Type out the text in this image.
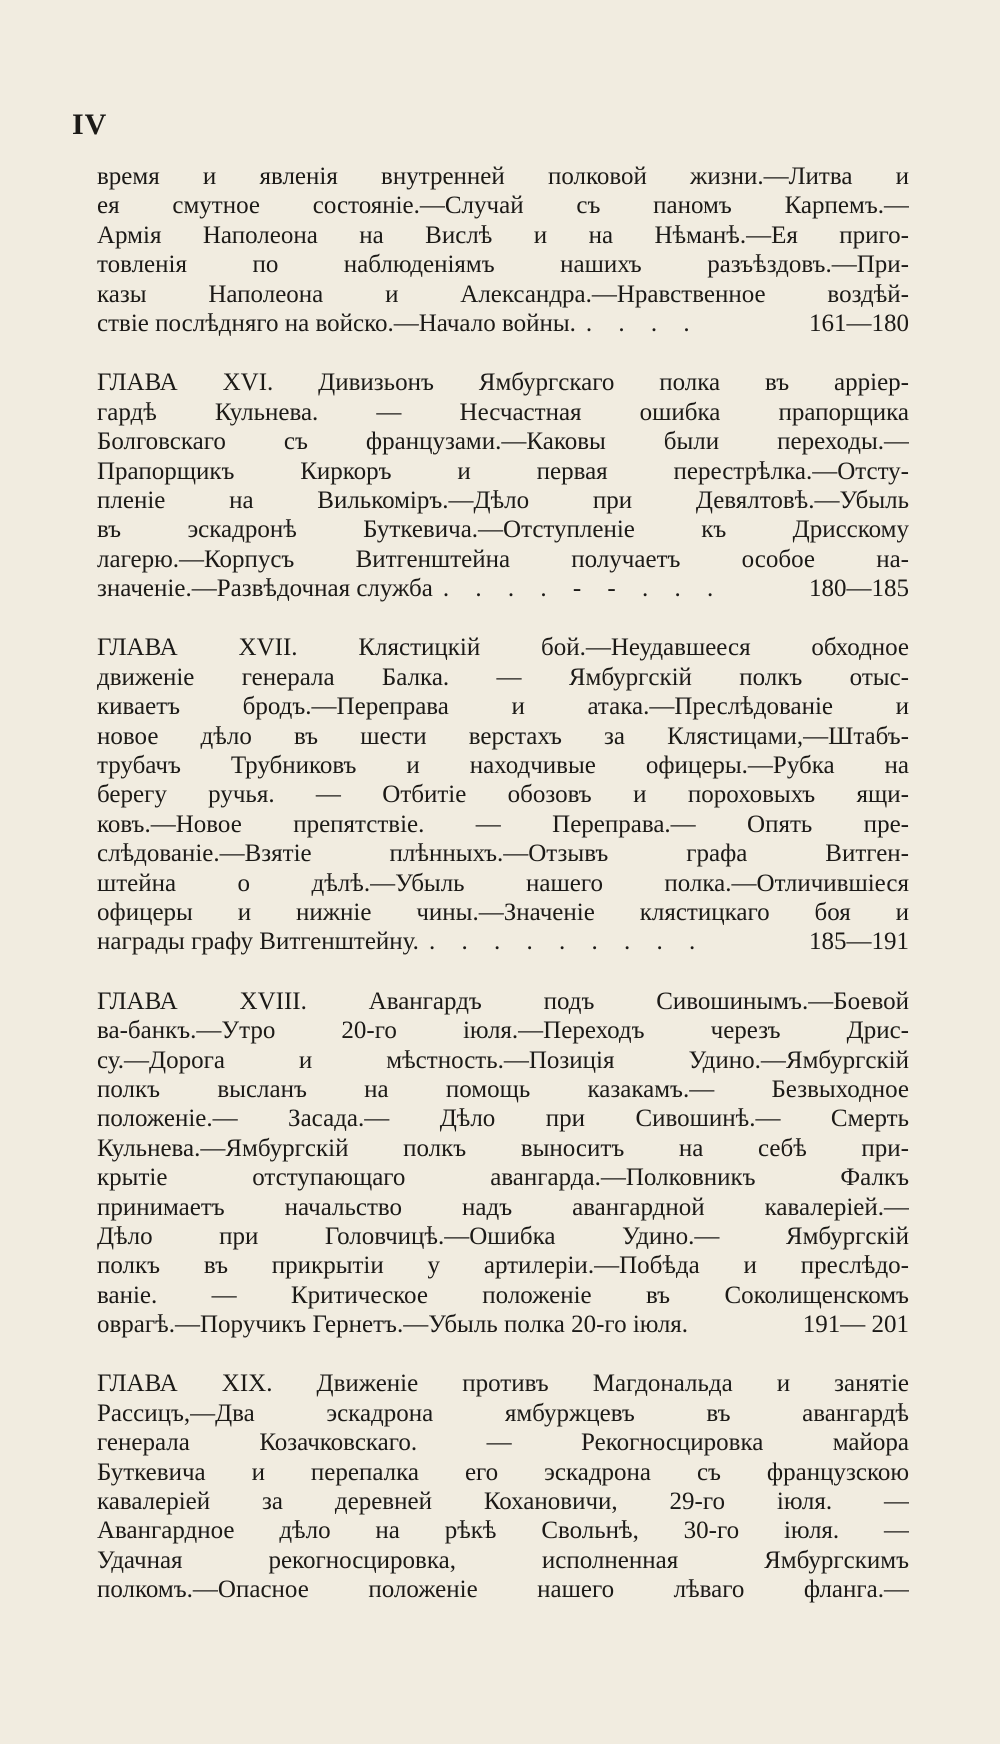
IV
время и явленія внутренней полковой жизни.—Литва и
ея смутное состояніе.—Случай съ паномъ Карпемъ.—
Армія Наполеона на Вислѣ и на Нѣманѣ.—Ея приго-
товленія по наблюденіямъ нашихъ разъѣздовъ.—При-
казы Наполеона и Александра.—Нравственное воздѣй-
ствіе послѣдняго на войско.—Начало войны. . . . .	161—180
ГЛАВА XVI. Дивизьонъ Ямбургскаго полка въ арріер-
гардѣ Кульнева. — Несчастная ошибка прапорщика
Болговскаго съ французами.—Каковы были переходы.—
Прапорщикъ Киркоръ и первая перестрѣлка.—Отсту-
пленіе на Вилькоміръ.—Дѣло при Девялтовѣ.—Убыль
въ эскадронѣ Буткевича.—Отступленіе къ Дрисскому
лагерю.—Корпусъ Витгенштейна получаетъ особое на-
значеніе.—Развѣдочная служба . . . . - - . . .	180—185
ГЛАВА XVII. Клястицкій бой.—Неудавшееся обходное
движеніе генерала Балка. — Ямбургскій полкъ отыс-
киваетъ бродъ.—Переправа и атака.—Преслѣдованіе и
новое дѣло въ шести верстахъ за Клястицами,—Штабъ-
трубачъ Трубниковъ и находчивые офицеры.—Рубка на
берегу ручья. — Отбитіе обозовъ и пороховыхъ ящи-
ковъ.—Новое препятствіе. — Переправа.— Опять пре-
слѣдованіе.—Взятіе плѣнныхъ.—Отзывъ графа Витген-
штейна о дѣлѣ.—Убыль нашего полка.—Отличившіеся
офицеры и нижніе чины.—Значеніе клястицкаго боя и
награды графу Витгенштейну. . . . . . . . . .	185—191
ГЛАВА XVIII. Авангардъ подъ Сивошинымъ.—Боевой
ва-банкъ.—Утро 20-го іюля.—Переходъ черезъ Дрис-
су.—Дорога и мѣстность.—Позиція Удино.—Ямбургскій
полкъ высланъ на помощь казакамъ.— Безвыходное
положеніе.— Засада.— Дѣло при Сивошинѣ.— Смерть
Кульнева.—Ямбургскій полкъ выноситъ на себѣ при-
крытіе отступающаго авангарда.—Полковникъ Фалкъ
принимаетъ начальство надъ авангардной кавалеріей.—
Дѣло при Головчицѣ.—Ошибка Удино.— Ямбургскій
полкъ въ прикрытіи у артилеріи.—Побѣда и преслѣдо-
ваніе. — Критическое положеніе въ Соколищенскомъ
оврагѣ.—Поручикъ Гернетъ.—Убыль полка 20-го іюля.	191— 201
ГЛАВА XIX. Движеніе противъ Магдональда и занятіе
Рассицъ,—Два эскадрона ямбуржцевъ въ авангардѣ
генерала Козачковскаго. — Рекогносцировка майора
Буткевича и перепалка его эскадрона съ французскою
кавалеріей за деревней Кохановичи, 29-го іюля. —
Авангардное дѣло на рѣкѣ Свольнѣ, 30-го іюля. —
Удачная рекогносцировка, исполненная Ямбургскимъ
полкомъ.—Опасное положеніе нашего лѣваго фланга.—
